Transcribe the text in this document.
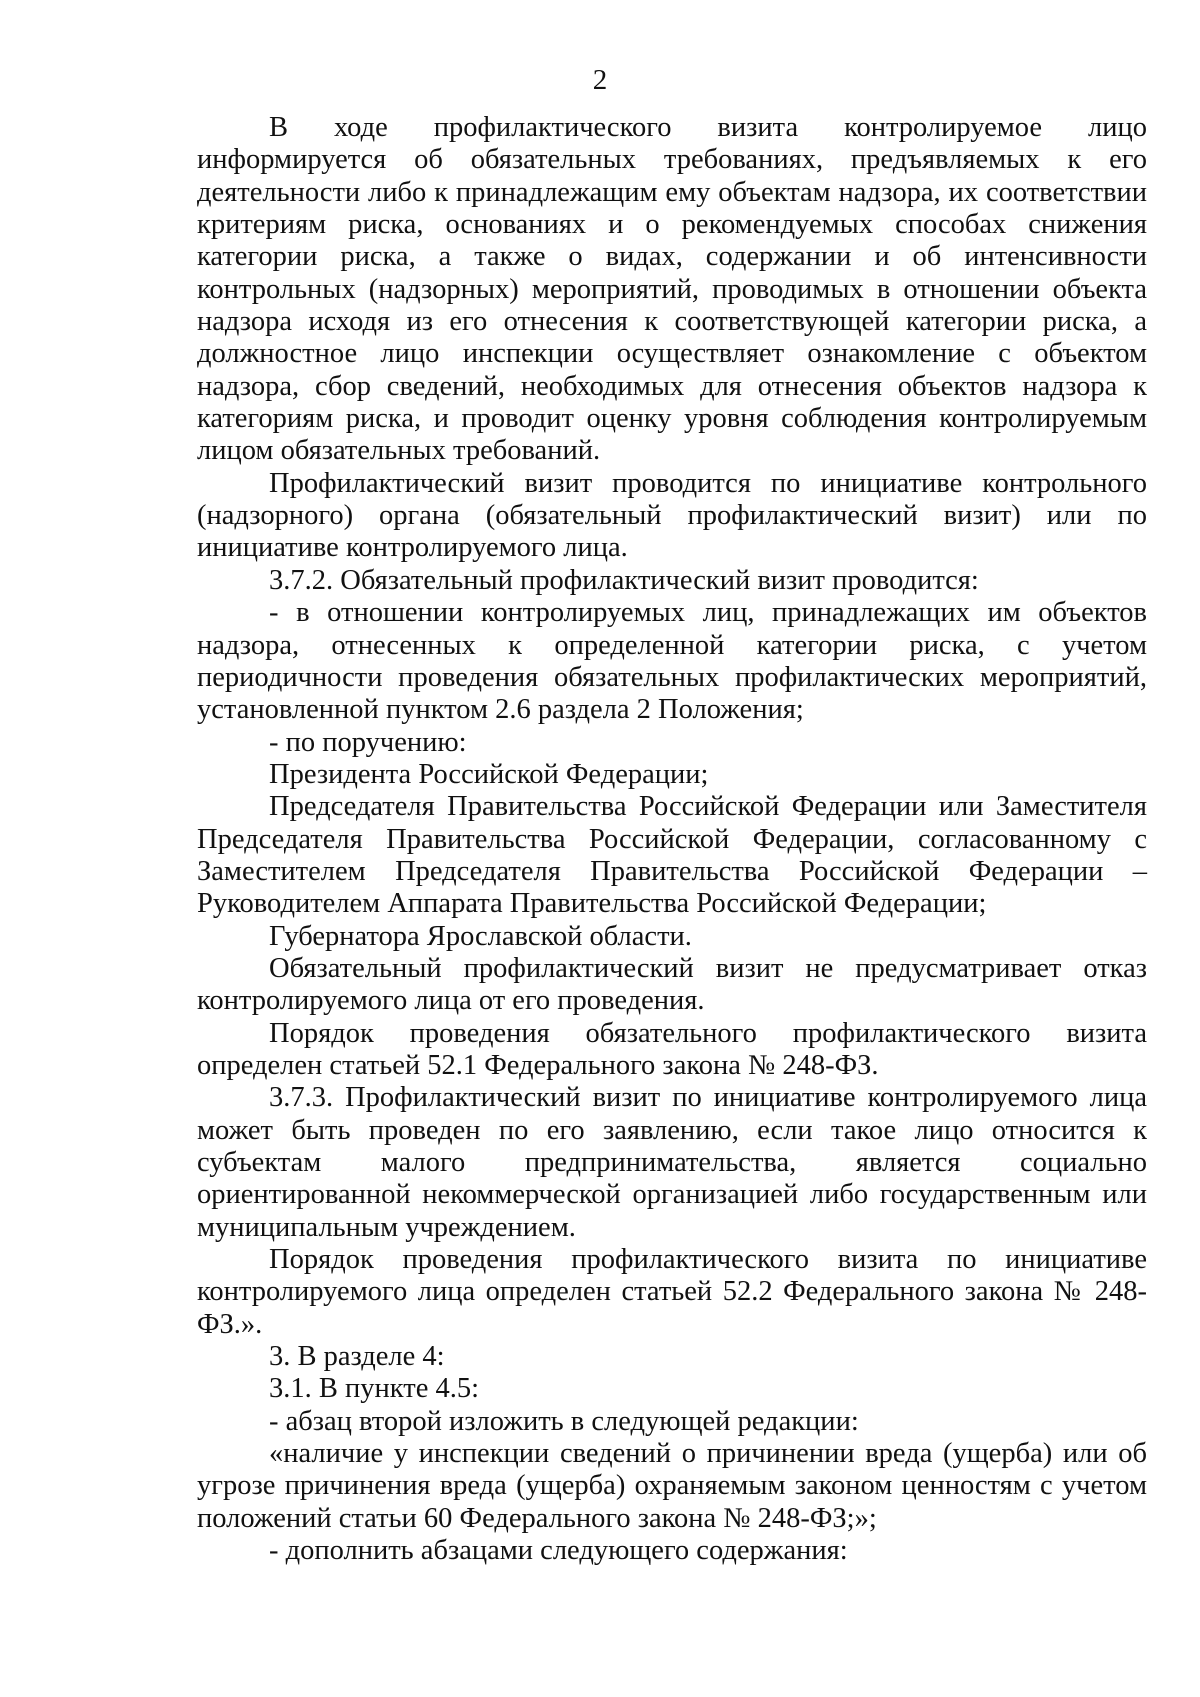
2

В ходе профилактического визита контролируемое лицо информируется об обязательных требованиях, предъявляемых к его деятельности либо к принадлежащим ему объектам надзора, их соответствии критериям риска, основаниях и о рекомендуемых способах снижения категории риска, а также о видах, содержании и об интенсивности контрольных (надзорных) мероприятий, проводимых в отношении объекта надзора исходя из его отнесения к соответствующей категории риска, а должностное лицо инспекции осуществляет ознакомление с объектом надзора, сбор сведений, необходимых для отнесения объектов надзора к категориям риска, и проводит оценку уровня соблюдения контролируемым лицом обязательных требований.

Профилактический визит проводится по инициативе контрольного (надзорного) органа (обязательный профилактический визит) или по инициативе контролируемого лица.

3.7.2. Обязательный профилактический визит проводится:

- в отношении контролируемых лиц, принадлежащих им объектов надзора, отнесенных к определенной категории риска, с учетом периодичности проведения обязательных профилактических мероприятий, установленной пунктом 2.6 раздела 2 Положения;

- по поручению:

Президента Российской Федерации;

Председателя Правительства Российской Федерации или Заместителя Председателя Правительства Российской Федерации, согласованному с Заместителем Председателя Правительства Российской Федерации – Руководителем Аппарата Правительства Российской Федерации;

Губернатора Ярославской области.

Обязательный профилактический визит не предусматривает отказ контролируемого лица от его проведения.

Порядок проведения обязательного профилактического визита определен статьей 52.1 Федерального закона № 248-ФЗ.

3.7.3. Профилактический визит по инициативе контролируемого лица может быть проведен по его заявлению, если такое лицо относится к субъектам малого предпринимательства, является социально ориентированной некоммерческой организацией либо государственным или муниципальным учреждением.

Порядок проведения профилактического визита по инициативе контролируемого лица определен статьей 52.2 Федерального закона № 248-ФЗ.».

3. В разделе 4:

3.1. В пункте 4.5:

- абзац второй изложить в следующей редакции:

«наличие у инспекции сведений о причинении вреда (ущерба) или об угрозе причинения вреда (ущерба) охраняемым законом ценностям с учетом положений статьи 60 Федерального закона № 248-ФЗ;»;

- дополнить абзацами следующего содержания:
